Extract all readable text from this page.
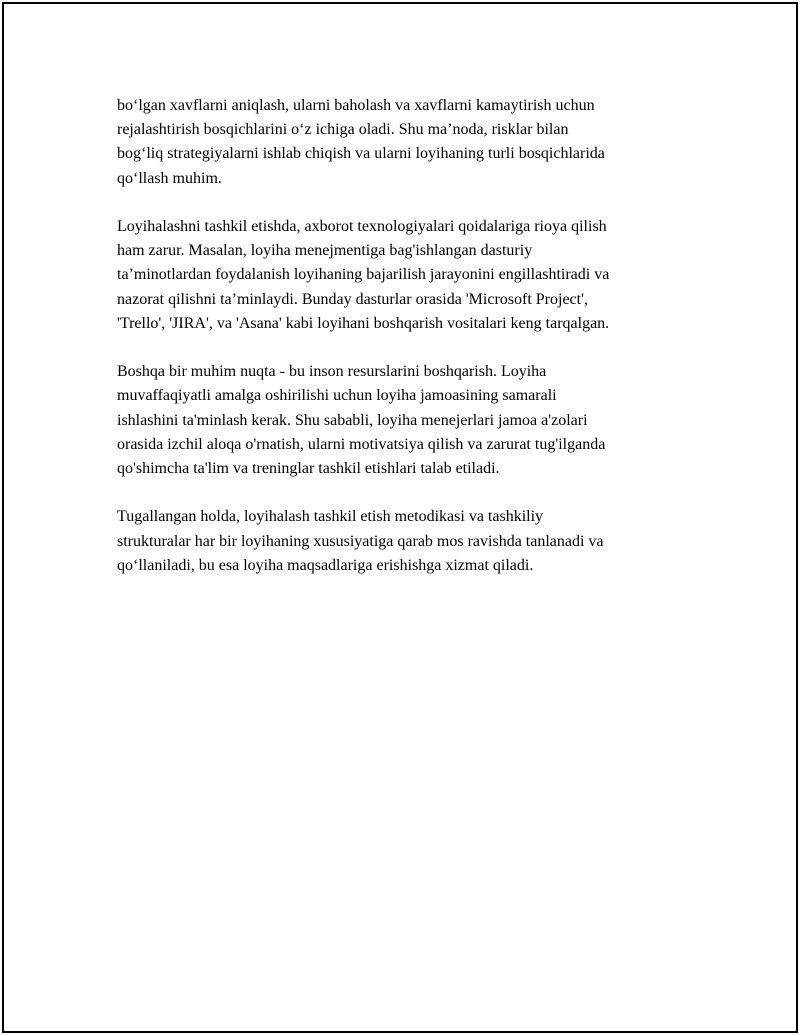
bo‘lgan xavflarni aniqlash, ularni baholash va xavflarni kamaytirish uchun
rejalashtirish bosqichlarini o‘z ichiga oladi. Shu ma’noda, risklar bilan
bog‘liq strategiyalarni ishlab chiqish va ularni loyihaning turli bosqichlarida
qo‘llash muhim.

Loyihalashni tashkil etishda, axborot texnologiyalari qoidalariga rioya qilish
ham zarur. Masalan, loyiha menejmentiga bag'ishlangan dasturiy
ta’minotlardan foydalanish loyihaning bajarilish jarayonini engillashtiradi va
nazorat qilishni ta’minlaydi. Bunday dasturlar orasida 'Microsoft Project',
'Trello', 'JIRA', va 'Asana' kabi loyihani boshqarish vositalari keng tarqalgan.

Boshqa bir muhim nuqta - bu inson resurslarini boshqarish. Loyiha
muvaffaqiyatli amalga oshirilishi uchun loyiha jamoasining samarali
ishlashini ta'minlash kerak. Shu sababli, loyiha menejerlari jamoa a'zolari
orasida izchil aloqa o'rnatish, ularni motivatsiya qilish va zarurat tug'ilganda
qo'shimcha ta'lim va treninglar tashkil etishlari talab etiladi.

Tugallangan holda, loyihalash tashkil etish metodikasi va tashkiliy
strukturalar har bir loyihaning xususiyatiga qarab mos ravishda tanlanadi va
qo‘llaniladi, bu esa loyiha maqsadlariga erishishga xizmat qiladi.
